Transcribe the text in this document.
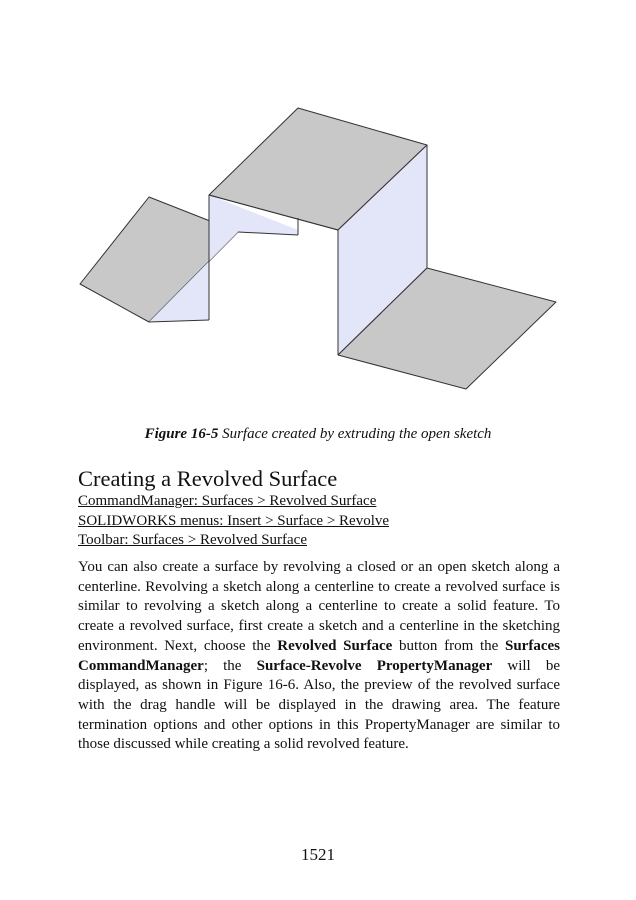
Figure 16-5 Surface created by extruding the open sketch
Creating a Revolved Surface
CommandManager: Surfaces > Revolved Surface
SOLIDWORKS menus: Insert > Surface > Revolve
Toolbar: Surfaces > Revolved Surface

You can also create a surface by revolving a closed or an open sketch along a centerline. Revolving a sketch along a centerline to create a revolved surface is similar to revolving a sketch along a centerline to create a solid feature. To create a revolved surface, first create a sketch and a centerline in the sketching environment. Next, choose the Revolved Surface button from the Surfaces CommandManager; the Surface-Revolve PropertyManager will be displayed, as shown in Figure 16-6. Also, the preview of the revolved surface with the drag handle will be displayed in the drawing area. The feature termination options and other options in this PropertyManager are similar to those discussed while creating a solid revolved feature.

1521
